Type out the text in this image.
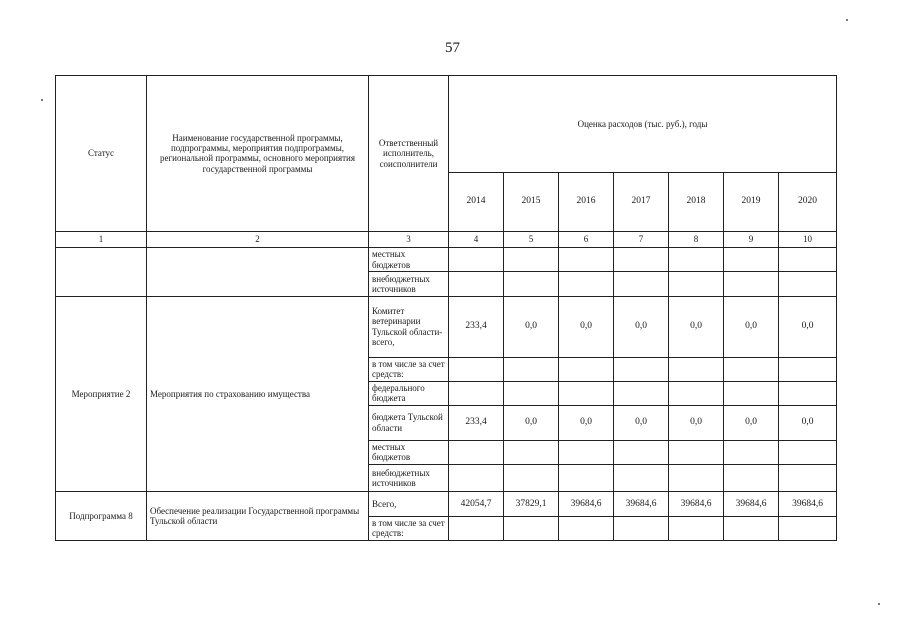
57
Статус	Наименование государственной программы, подпрограммы, мероприятия подпрограммы, региональной программы, основного мероприятия государственной программы	Ответственный исполнитель, соисполнители	Оценка расходов (тыс. руб.), годы						
			2014	2015	2016	2017	2018	2019	2020
1	2	3	4	5	6	7	8	9	10
		местных бюджетов							
		внебюджетных источников							
Мероприятие 2	Мероприятия по страхованию имущества	Комитет ветеринарии Тульской области- всего,	233,4	0,0	0,0	0,0	0,0	0,0	0,0
		в том числе за счет средств:							
		федерального бюджета							
		бюджета Тульской области	233,4	0,0	0,0	0,0	0,0	0,0	0,0
		местных бюджетов							
		внебюджетных источников							
Подпрограмма 8	Обеспечение реализации Государственной программы Тульской области	Всего,	42054,7	37829,1	39684,6	39684,6	39684,6	39684,6	39684,6
		в том числе за счет средств:							
